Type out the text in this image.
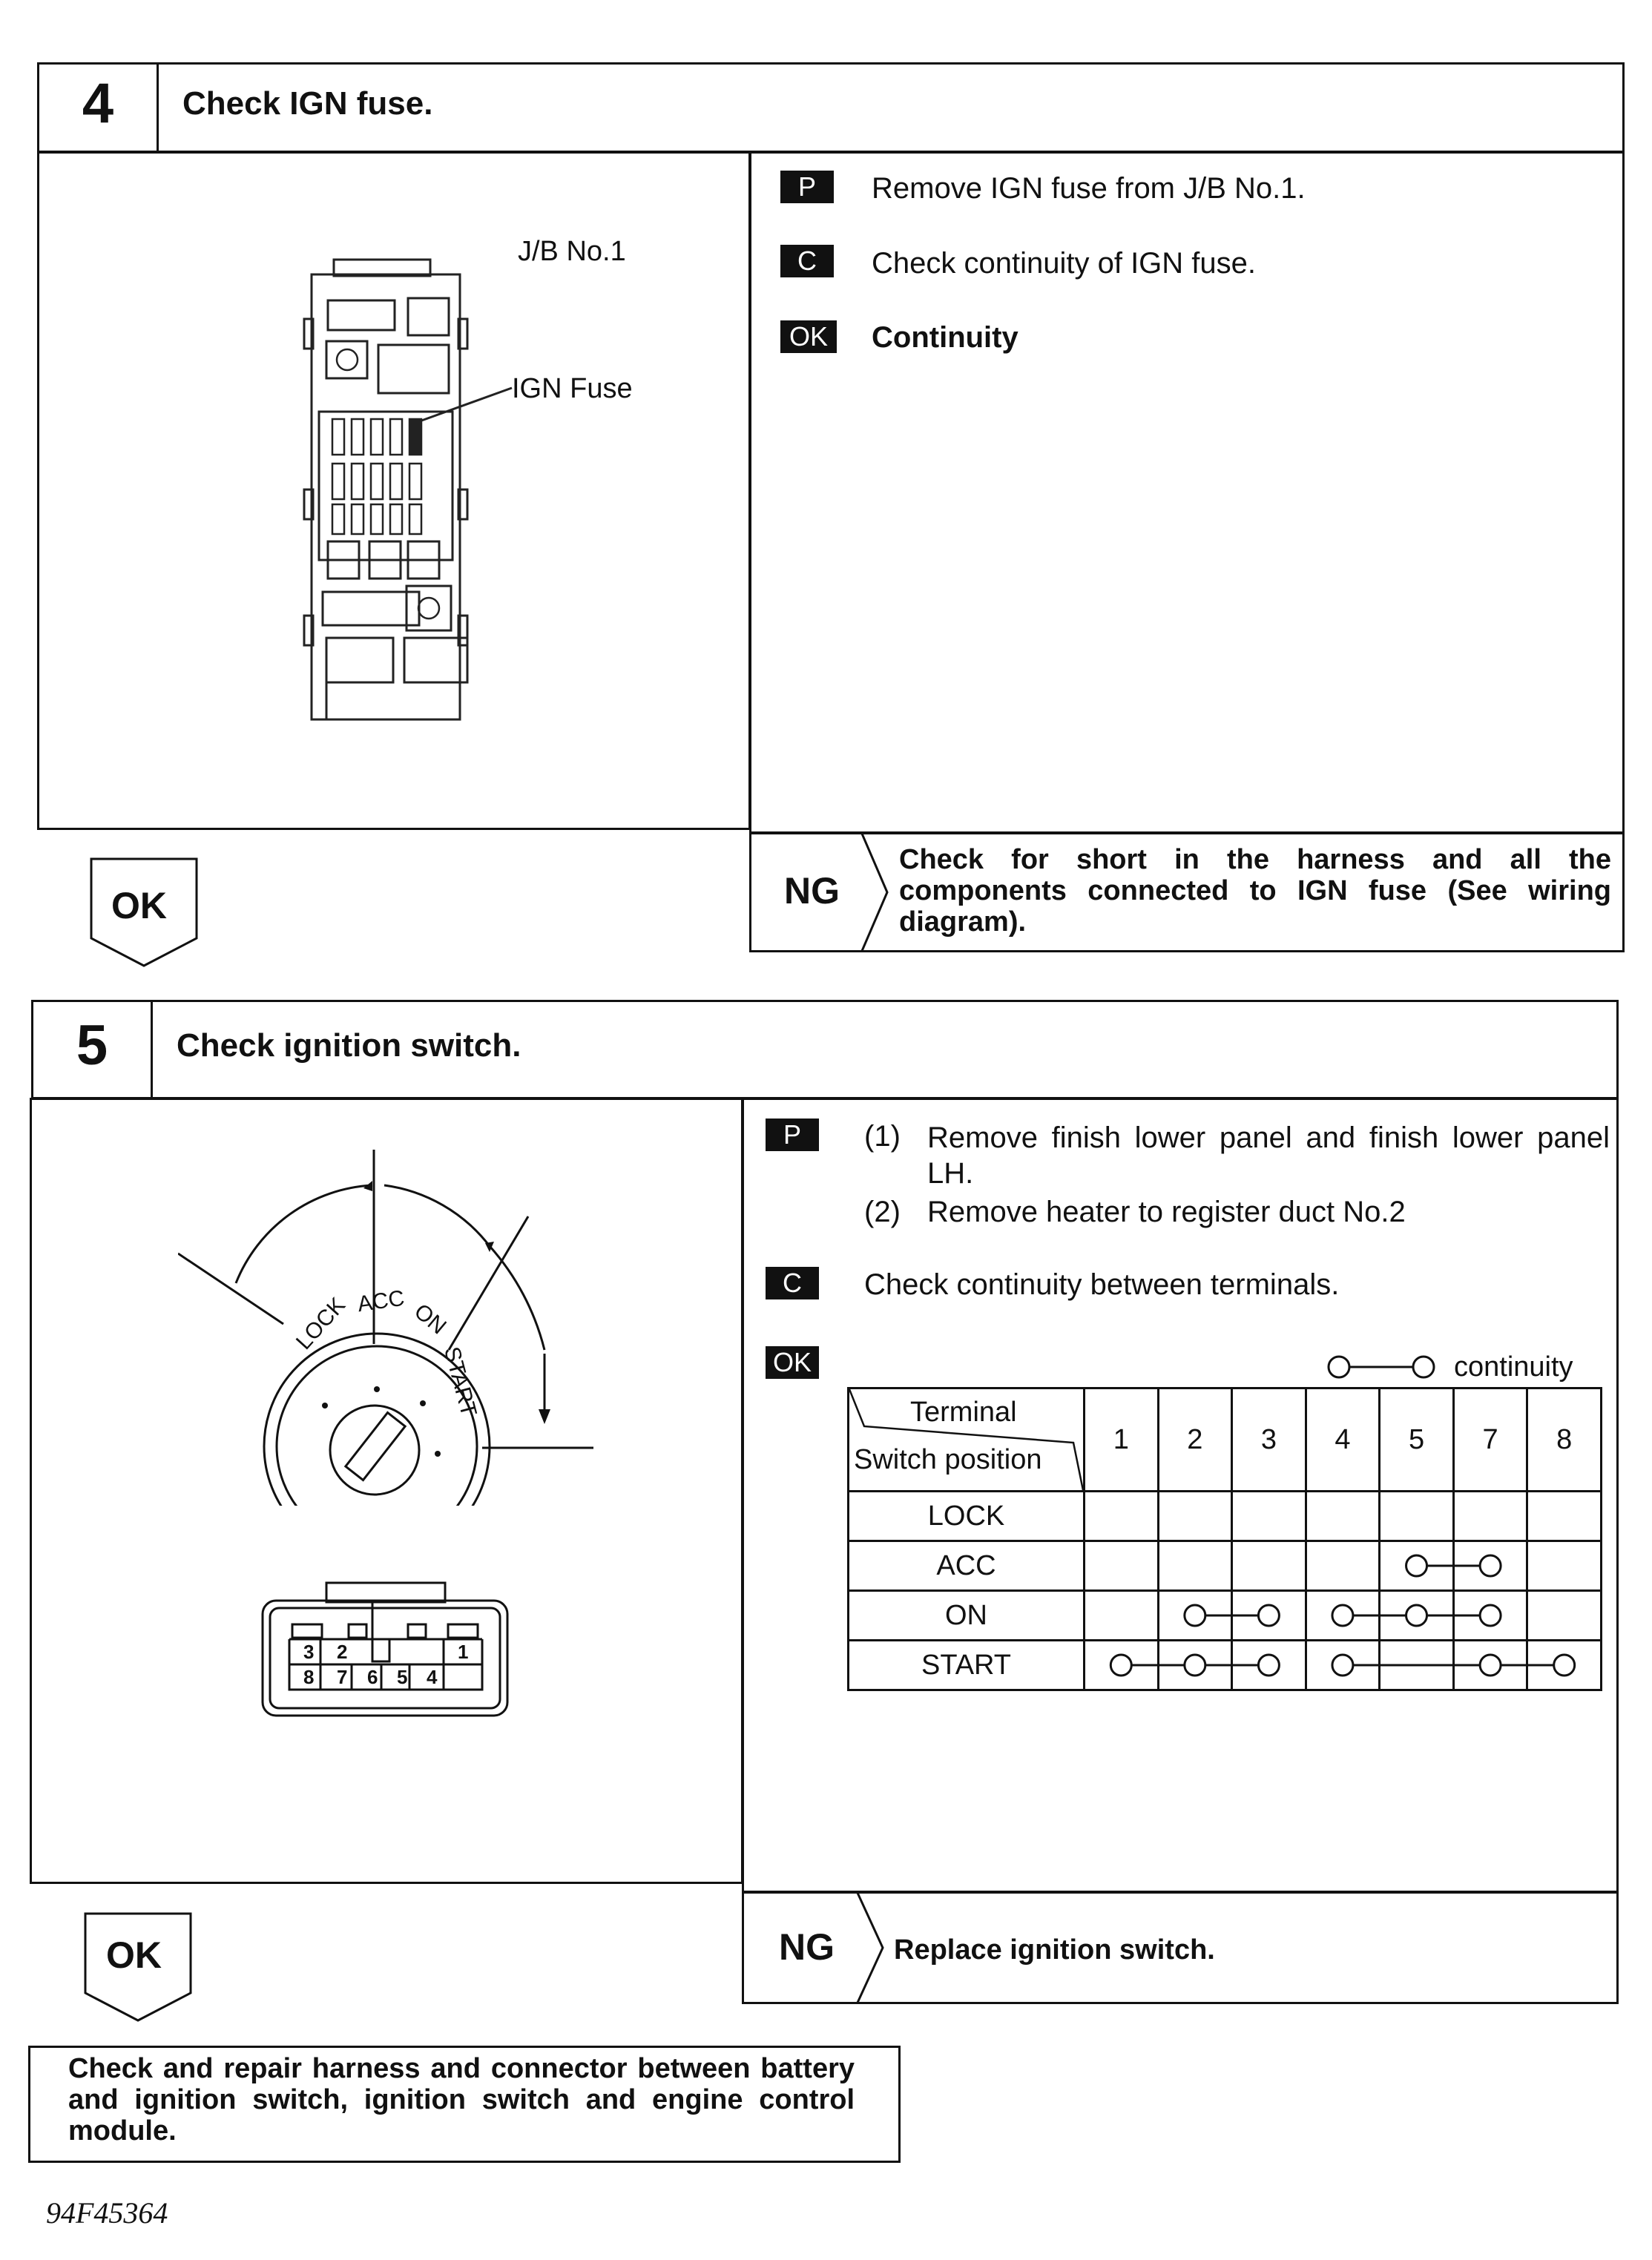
4	Check IGN fuse.
J/B No.1
IGN Fuse
P	Remove IGN fuse from J/B No.1.
C	Check continuity of IGN fuse.
OK	Continuity
OK	NG
Check for short in the harness and all the components connected to IGN fuse (See wiring diagram).
5	Check ignition switch.
LOCK ACC ON
START
3 2	1
8 7 6 5 4
P	(1) Remove finish lower panel and finish lower panel LH.
(2) Remove heater to register duct No.2
C	Check continuity between terminals.
OK	continuity
Terminal
Switch position	1	2	3	4	5	7	8
LOCK							
ACC							
ON							
START							
OK	NG Replace ignition switch.
Check and repair harness and connector between battery and ignition switch, ignition switch and engine control module.
94F45364
